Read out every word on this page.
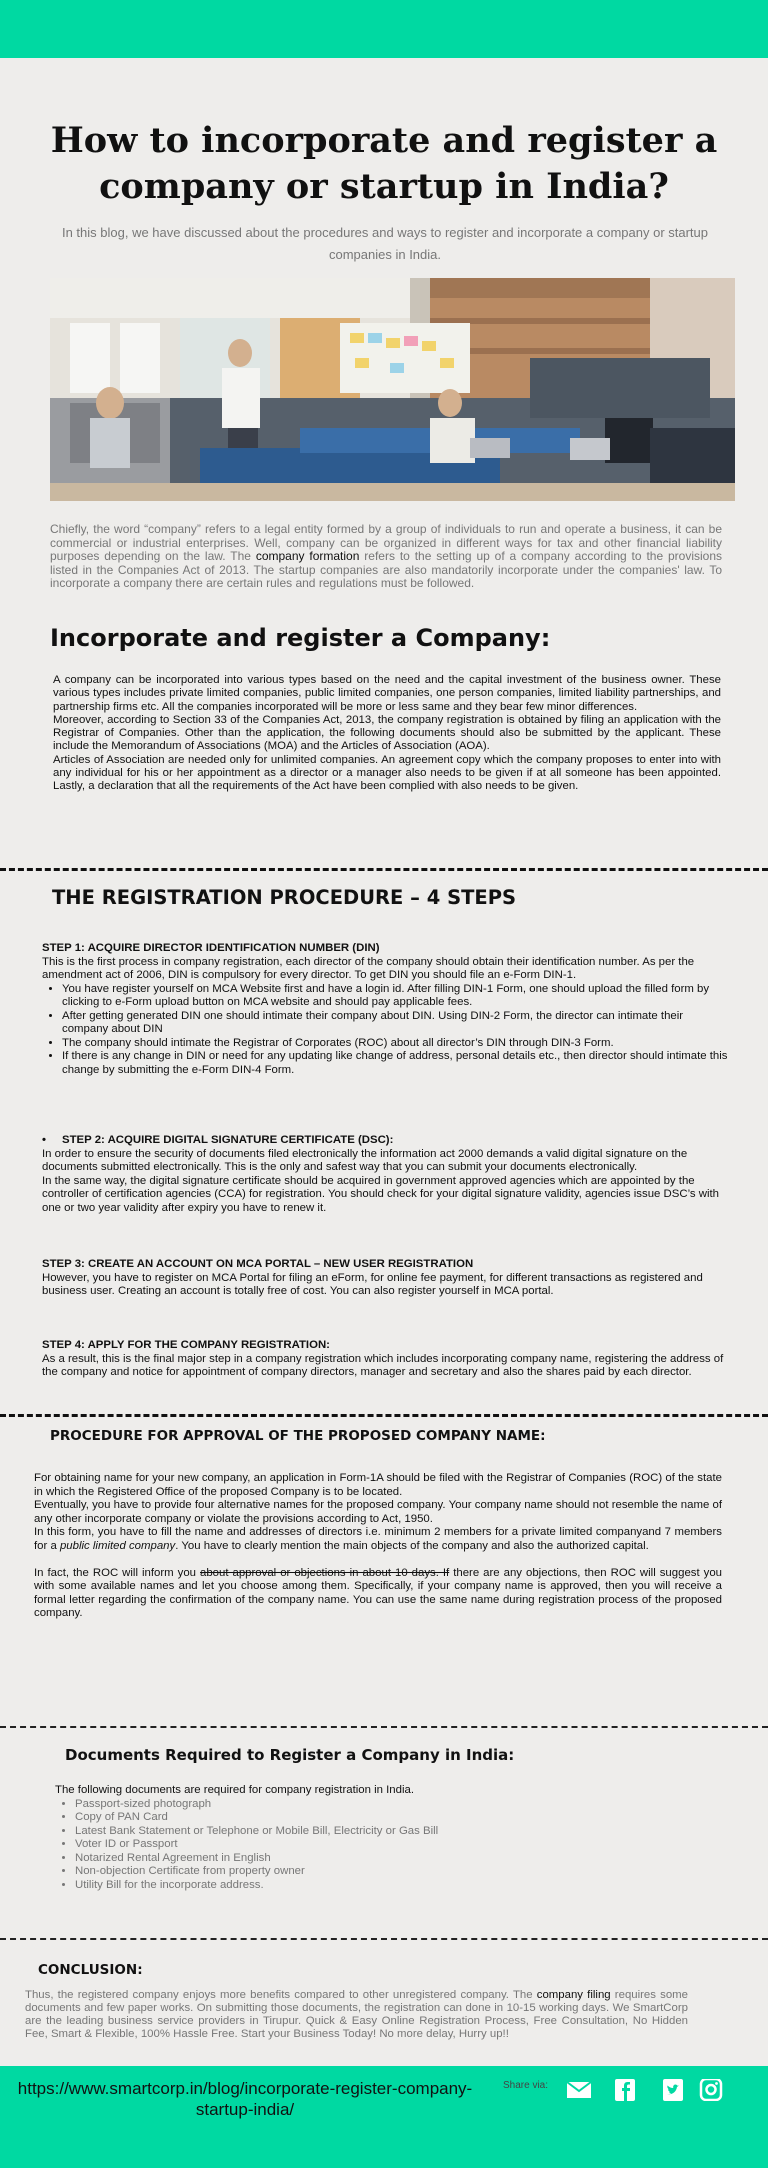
How to incorporate and register a company or startup in India?

In this blog, we have discussed about the procedures and ways to register and incorporate a company or startup companies in India.

Chiefly, the word “company” refers to a legal entity formed by a group of individuals to run and operate a business, it can be commercial or industrial enterprises. Well, company can be organized in different ways for tax and other financial liability purposes depending on the law. The company formation refers to the setting up of a company according to the provisions listed in the Companies Act of 2013. The startup companies are also mandatorily incorporate under the companies' law. To incorporate a company there are certain rules and regulations must be followed.

Incorporate and register a Company:

A company can be incorporated into various types based on the need and the capital investment of the business owner. These various types includes private limited companies, public limited companies, one person companies, limited liability partnerships, and partnership firms etc. All the companies incorporated will be more or less same and they bear few minor differences.

Moreover, according to Section 33 of the Companies Act, 2013, the company registration is obtained by filing an application with the Registrar of Companies. Other than the application, the following documents should also be submitted by the applicant. These include the Memorandum of Associations (MOA) and the Articles of Association (AOA).

Articles of Association are needed only for unlimited companies. An agreement copy which the company proposes to enter into with any individual for his or her appointment as a director or a manager also needs to be given if at all someone has been appointed. Lastly, a declaration that all the requirements of the Act have been complied with also needs to be given.

THE REGISTRATION PROCEDURE – 4 STEPS
STEP 1: ACQUIRE DIRECTOR IDENTIFICATION NUMBER (DIN)

This is the first process in company registration, each director of the company should obtain their identification number. As per the amendment act of 2006, DIN is compulsory for every director. To get DIN you should file an e-Form DIN-1.

• You have register yourself on MCA Website first and have a login id. After filling DIN-1 Form, one should upload the filled form by clicking to e-Form upload button on MCA website and should pay applicable fees.
• After getting generated DIN one should intimate their company about DIN. Using DIN-2 Form, the director can intimate their company about DIN
• The company should intimate the Registrar of Corporates (ROC) about all director’s DIN through DIN-3 Form.
• If there is any change in DIN or need for any updating like change of address, personal details etc., then director should intimate this change by submitting the e-Form DIN-4 Form.
• STEP 2: ACQUIRE DIGITAL SIGNATURE CERTIFICATE (DSC):

In order to ensure the security of documents filed electronically the information act 2000 demands a valid digital signature on the documents submitted electronically. This is the only and safest way that you can submit your documents electronically.

In the same way, the digital signature certificate should be acquired in government approved agencies which are appointed by the controller of certification agencies (CCA) for registration. You should check for your digital signature validity, agencies issue DSC’s with one or two year validity after expiry you have to renew it.

STEP 3: CREATE AN ACCOUNT ON MCA PORTAL – NEW USER REGISTRATION

However, you have to register on MCA Portal for filing an eForm, for online fee payment, for different transactions as registered and business user. Creating an account is totally free of cost. You can also register yourself in MCA portal.

STEP 4: APPLY FOR THE COMPANY REGISTRATION:

As a result, this is the final major step in a company registration which includes incorporating company name, registering the address of the company and notice for appointment of company directors, manager and secretary and also the shares paid by each director.

PROCEDURE FOR APPROVAL OF THE PROPOSED COMPANY NAME:

For obtaining name for your new company, an application in Form-1A should be filed with the Registrar of Companies (ROC) of the state in which the Registered Office of the proposed Company is to be located.

Eventually, you have to provide four alternative names for the proposed company. Your company name should not resemble the name of any other incorporate company or violate the provisions according to Act, 1950.

In this form, you have to fill the name and addresses of directors i.e. minimum 2 members for a private limited companyand 7 members for a public limited company. You have to clearly mention the main objects of the company and also the authorized capital.

In fact, the ROC will inform you about approval or objections in about 10 days. If there are any objections, then ROC will suggest you with some available names and let you choose among them. Specifically, if your company name is approved, then you will receive a formal letter regarding the confirmation of the company name. You can use the same name during registration process of the proposed company.

Documents Required to Register a Company in India:

The following documents are required for company registration in India.

• Passport-sized photograph
• Copy of PAN Card
• Latest Bank Statement or Telephone or Mobile Bill, Electricity or Gas Bill
• Voter ID or Passport
• Notarized Rental Agreement in English
• Non-objection Certificate from property owner
• Utility Bill for the incorporate address.
CONCLUSION:

Thus, the registered company enjoys more benefits compared to other unregistered company. The company filing requires some documents and few paper works. On submitting those documents, the registration can done in 10-15 working days. We SmartCorp are the leading business service providers in Tirupur. Quick & Easy Online Registration Process, Free Consultation, No Hidden Fee, Smart & Flexible, 100% Hassle Free. Start your Business Today! No more delay, Hurry up!!

https://www.smartcorp.in/blog/incorporate-register-company-startup-india/
Share via:
